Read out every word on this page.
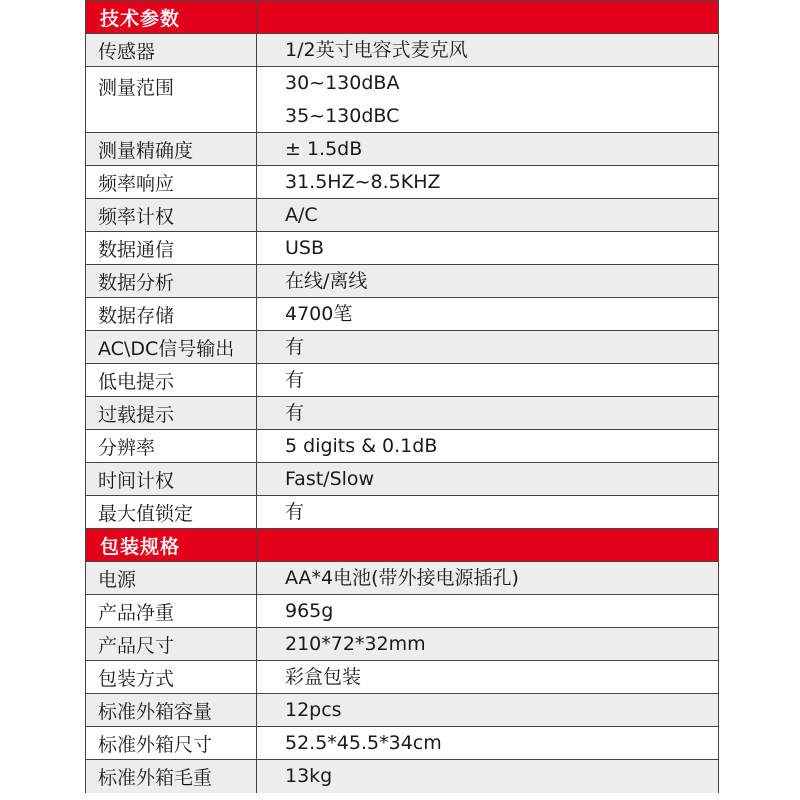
技术参数
传感器	1/2英寸电容式麦克风
测量范围	30~130dBA
35~130dBC
测量精确度	± 1.5dB
频率响应	31.5HZ~8.5KHZ
频率计权	A/C
数据通信	USB
数据分析	在线/离线
数据存储	4700笔
AC\DC信号输出	有
低电提示	有
过载提示	有
分辨率	5 digits & 0.1dB
时间计权	Fast/Slow
最大值锁定	有
包装规格
电源	AA*4电池(带外接电源插孔)
产品净重	965g
产品尺寸	210*72*32mm
包装方式	彩盒包装
标准外箱容量	12pcs
标准外箱尺寸	52.5*45.5*34cm
标准外箱毛重	13kg
